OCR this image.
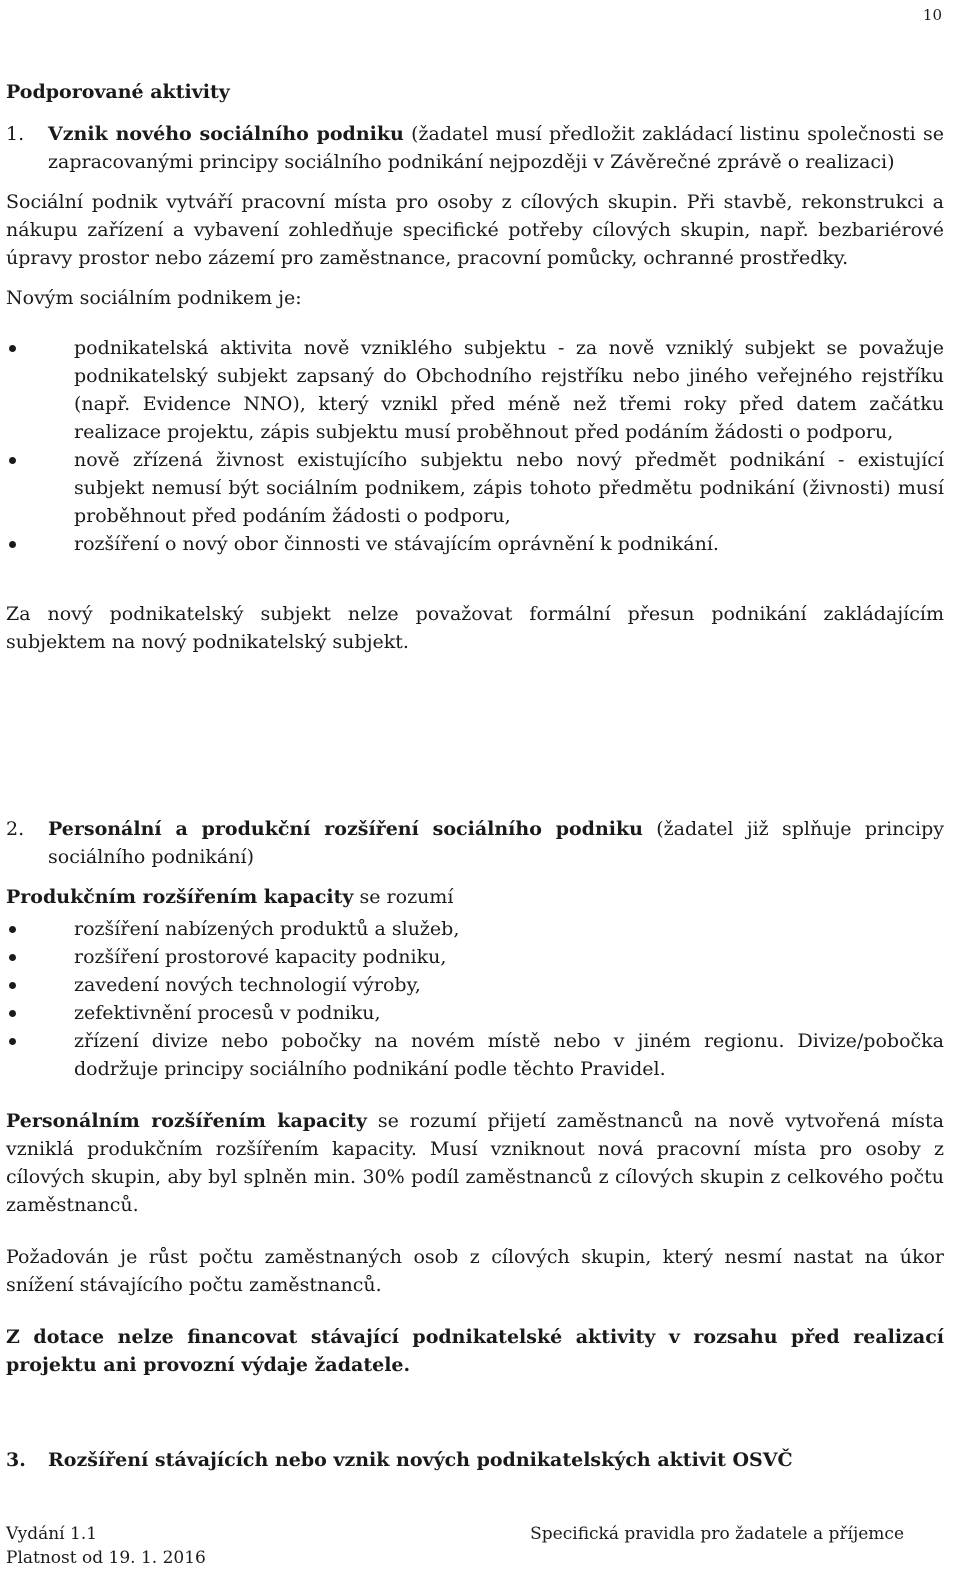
10
Podporované aktivity
1.	Vznik nového sociálního podniku (žadatel musí předložit zakládací listinu společnosti se zapracovanými principy sociálního podnikání nejpozději v Závěrečné zprávě o realizaci)

Sociální podnik vytváří pracovní místa pro osoby z cílových skupin. Při stavbě, rekonstrukci a nákupu zařízení a vybavení zohledňuje specifické potřeby cílových skupin, např. bezbariérové úpravy prostor nebo zázemí pro zaměstnance, pracovní pomůcky, ochranné prostředky.

Novým sociálním podnikem je:

podnikatelská aktivita nově vzniklého subjektu - za nově vzniklý subjekt se považuje podnikatelský subjekt zapsaný do Obchodního rejstříku nebo jiného veřejného rejstříku (např. Evidence NNO), který vznikl před méně než třemi roky před datem začátku realizace projektu, zápis subjektu musí proběhnout před podáním žádosti o podporu,
nově zřízená živnost existujícího subjektu nebo nový předmět podnikání - existující subjekt nemusí být sociálním podnikem, zápis tohoto předmětu podnikání (živnosti) musí proběhnout před podáním žádosti o podporu,
rozšíření o nový obor činnosti ve stávajícím oprávnění k podnikání.

Za nový podnikatelský subjekt nelze považovat formální přesun podnikání zakládajícím subjektem na nový podnikatelský subjekt.

2.	Personální a produkční rozšíření sociálního podniku (žadatel již splňuje principy sociálního podnikání)

Produkčním rozšířením kapacity se rozumí

rozšíření nabízených produktů a služeb,
rozšíření prostorové kapacity podniku,
zavedení nových technologií výroby,
zefektivnění procesů v podniku,
zřízení divize nebo pobočky na novém místě nebo v jiném regionu. Divize/pobočka dodržuje principy sociálního podnikání podle těchto Pravidel.

Personálním rozšířením kapacity se rozumí přijetí zaměstnanců na nově vytvořená místa vzniklá produkčním rozšířením kapacity. Musí vzniknout nová pracovní místa pro osoby z cílových skupin, aby byl splněn min. 30% podíl zaměstnanců z cílových skupin z celkového počtu zaměstnanců.

Požadován je růst počtu zaměstnaných osob z cílových skupin, který nesmí nastat na úkor snížení stávajícího počtu zaměstnanců.

Z dotace nelze financovat stávající podnikatelské aktivity v rozsahu před realizací projektu ani provozní výdaje žadatele.

3.	Rozšíření stávajících nebo vznik nových podnikatelských aktivit OSVČ
Vydání 1.1	Specifická pravidla pro žadatele a příjemce
Platnost od 19. 1. 2016
